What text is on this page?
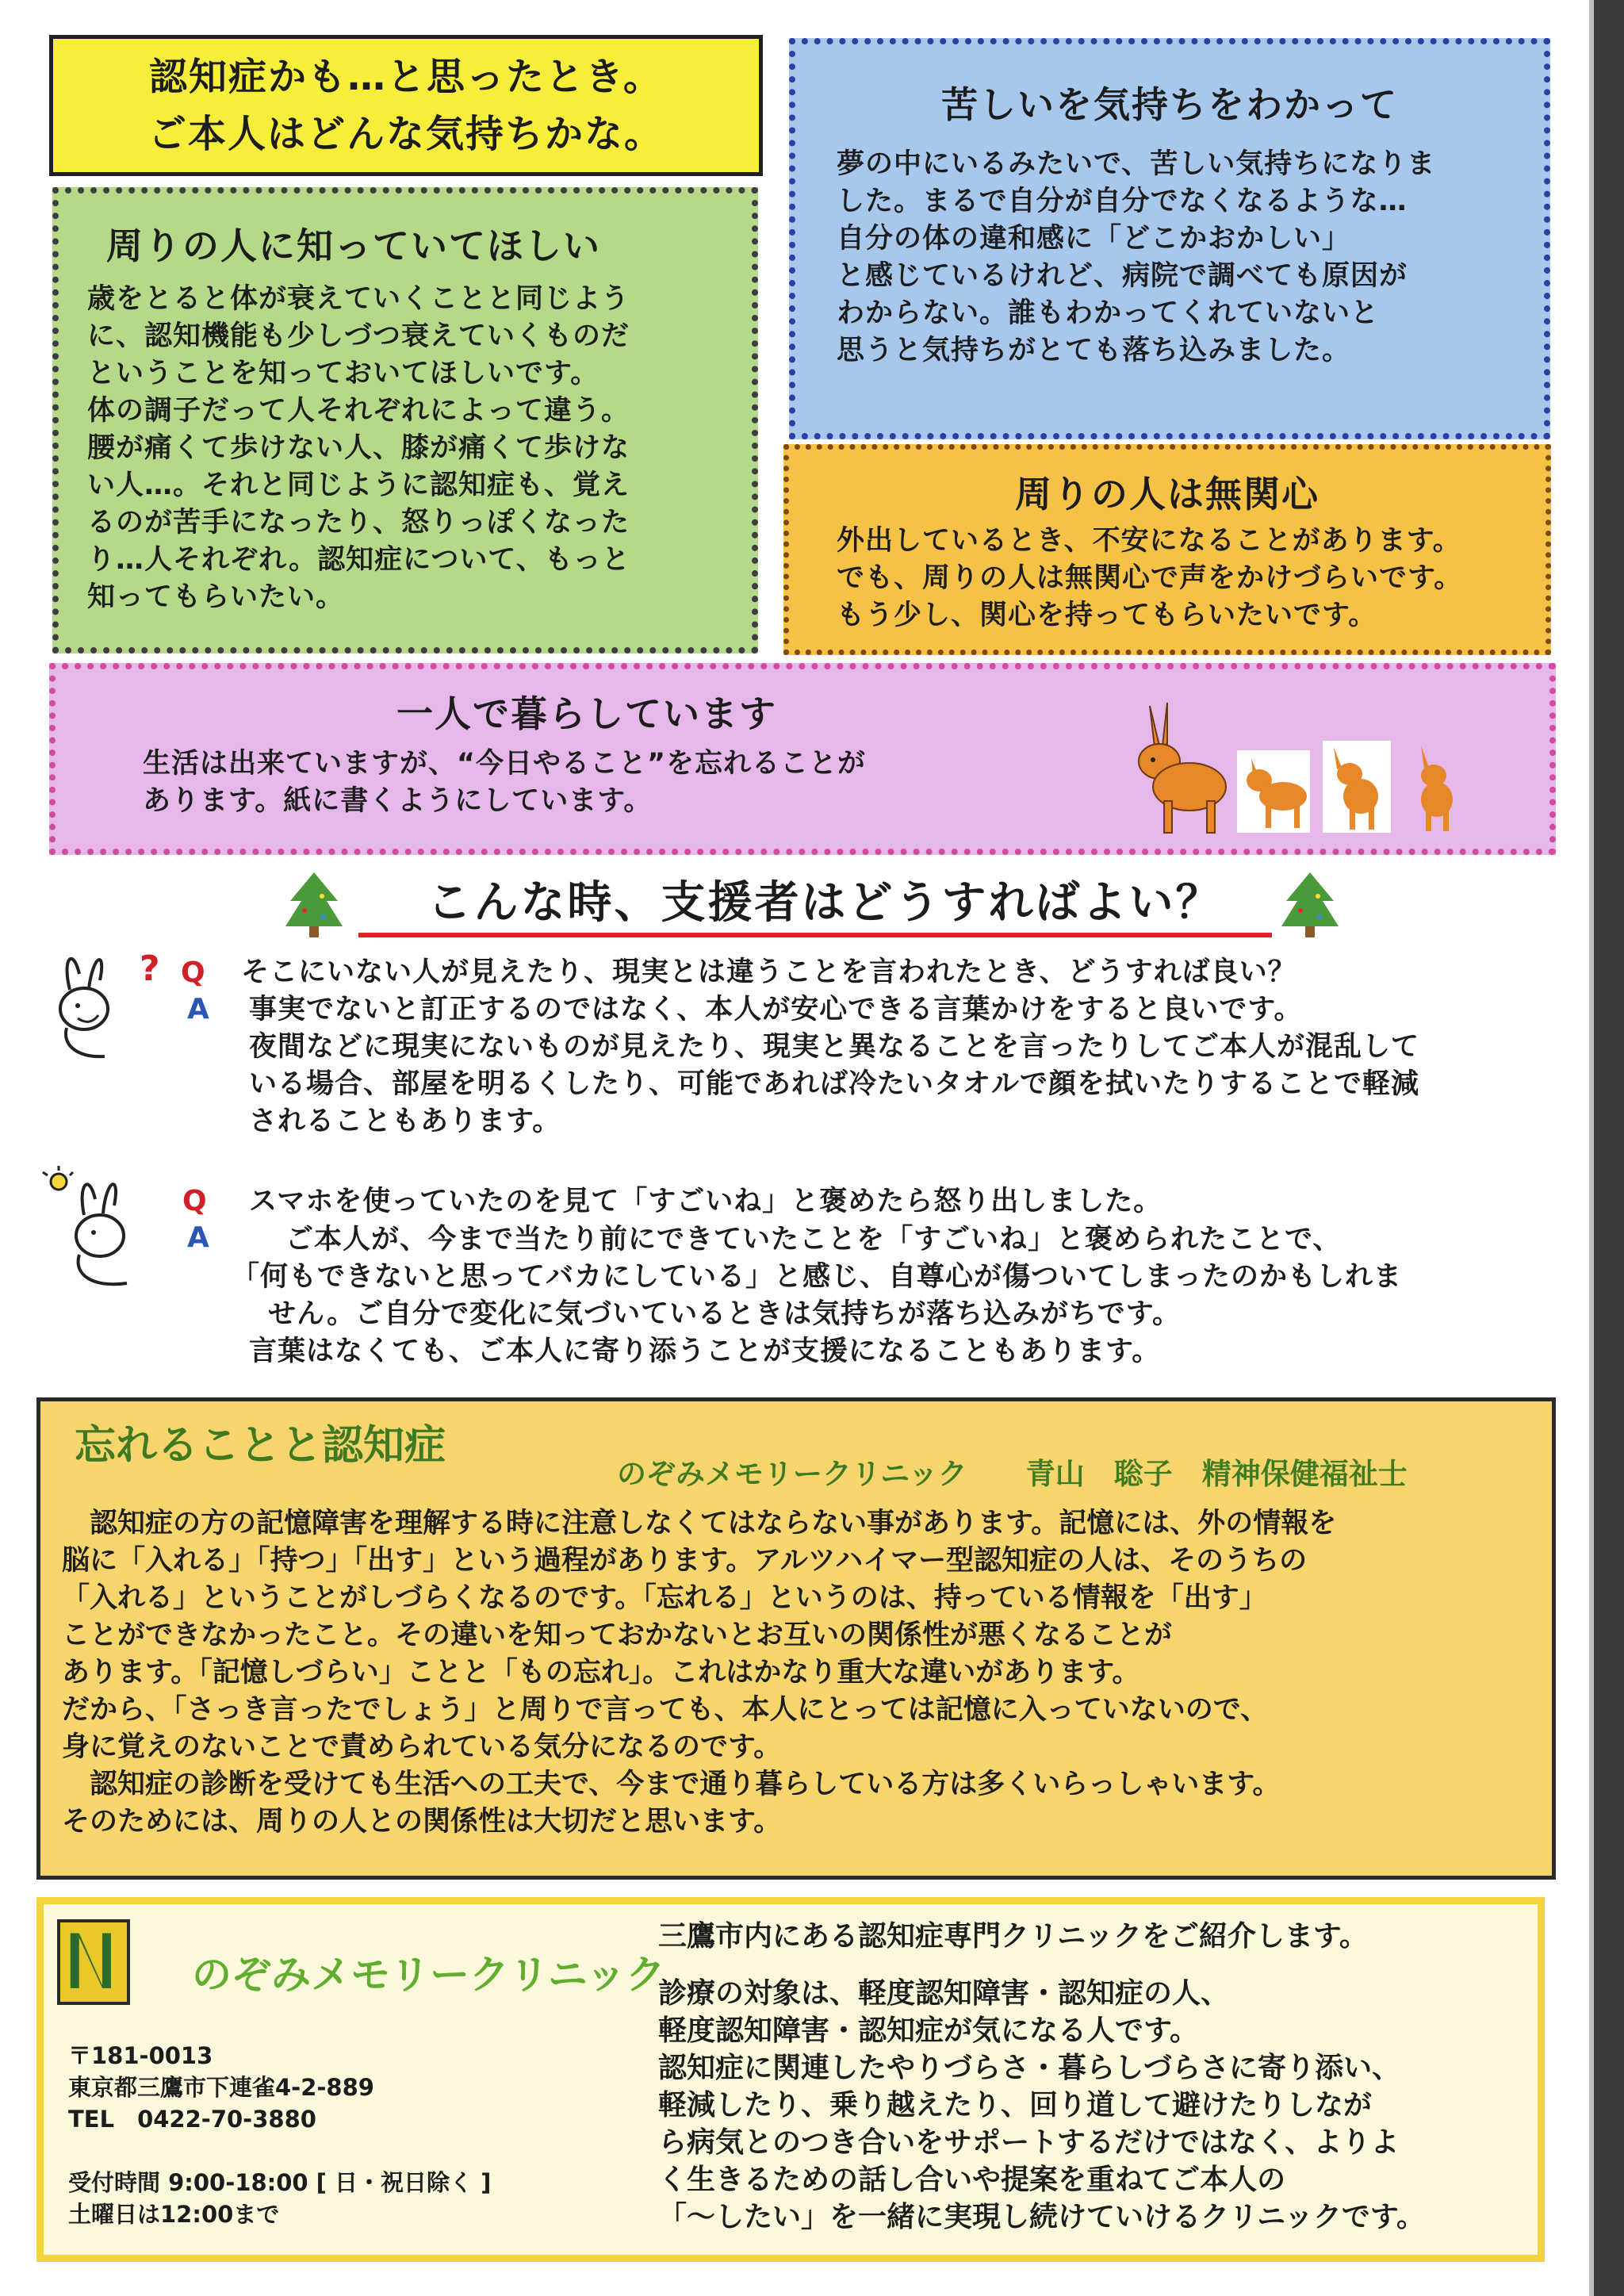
認知症かも…と思ったとき。
ご本人はどんな気持ちかな。
周りの人に知っていてほしい
歳をとると体が衰えていくことと同じよう
に、認知機能も少しづつ衰えていくものだ
ということを知っておいてほしいです。
体の調子だって人それぞれによって違う。
腰が痛くて歩けない人、膝が痛くて歩けな
い人…。それと同じように認知症も、覚え
るのが苦手になったり、怒りっぽくなった
り…人それぞれ。認知症について、もっと
知ってもらいたい。
苦しいを気持ちをわかって
夢の中にいるみたいで、苦しい気持ちになりま
した。まるで自分が自分でなくなるような…
自分の体の違和感に「どこかおかしい」
と感じているけれど、病院で調べても原因が
わからない。誰もわかってくれていないと
思うと気持ちがとても落ち込みました。
周りの人は無関心
外出しているとき、不安になることがあります。
でも、周りの人は無関心で声をかけづらいです。
もう少し、関心を持ってもらいたいです。
一人で暮らしています
生活は出来ていますが、“今日やること”を忘れることが
あります。紙に書くようにしています。
こんな時、支援者はどうすればよい？
? Q
A
そこにいない人が見えたり、現実とは違うことを言われたとき、どうすれば良い？
事実でないと訂正するのではなく、本人が安心できる言葉かけをすると良いです。
夜間などに現実にないものが見えたり、現実と異なることを言ったりしてご本人が混乱して
いる場合、部屋を明るくしたり、可能であれば冷たいタオルで顔を拭いたりすることで軽減
されることもあります。
Q
A
スマホを使っていたのを見て「すごいね」と褒めたら怒り出しました。
ご本人が、今まで当たり前にできていたことを「すごいね」と褒められたことで、
「何もできないと思ってバカにしている」と感じ、自尊心が傷ついてしまったのかもしれま
せん。ご自分で変化に気づいているときは気持ちが落ち込みがちです。
言葉はなくても、ご本人に寄り添うことが支援になることもあります。
忘れることと認知症
のぞみメモリークリニック　　青山　聡子　精神保健福祉士
　認知症の方の記憶障害を理解する時に注意しなくてはならない事があります。記憶には、外の情報を
脳に「入れる」「持つ」「出す」という過程があります。アルツハイマー型認知症の人は、そのうちの
「入れる」ということがしづらくなるのです。「忘れる」というのは、持っている情報を「出す」
ことができなかったこと。その違いを知っておかないとお互いの関係性が悪くなることが
あります。「記憶しづらい」ことと「もの忘れ」。これはかなり重大な違いがあります。
だから、「さっき言ったでしょう」と周りで言っても、本人にとっては記憶に入っていないので、
身に覚えのないことで責められている気分になるのです。
　認知症の診断を受けても生活への工夫で、今まで通り暮らしている方は多くいらっしゃいます。
そのためには、周りの人との関係性は大切だと思います。
のぞみメモリークリニック
〒181-0013
東京都三鷹市下連雀4-2-889
TEL　0422-70-3880
受付時間 9:00-18:00 [ 日・祝日除く ]
土曜日は12:00まで
三鷹市内にある認知症専門クリニックをご紹介します。
診療の対象は、軽度認知障害・認知症の人、
軽度認知障害・認知症が気になる人です。
認知症に関連したやりづらさ・暮らしづらさに寄り添い、
軽減したり、乗り越えたり、回り道して避けたりしなが
ら病気とのつき合いをサポートするだけではなく、よりよ
く生きるための話し合いや提案を重ねてご本人の
「～したい」を一緒に実現し続けていけるクリニックです。
